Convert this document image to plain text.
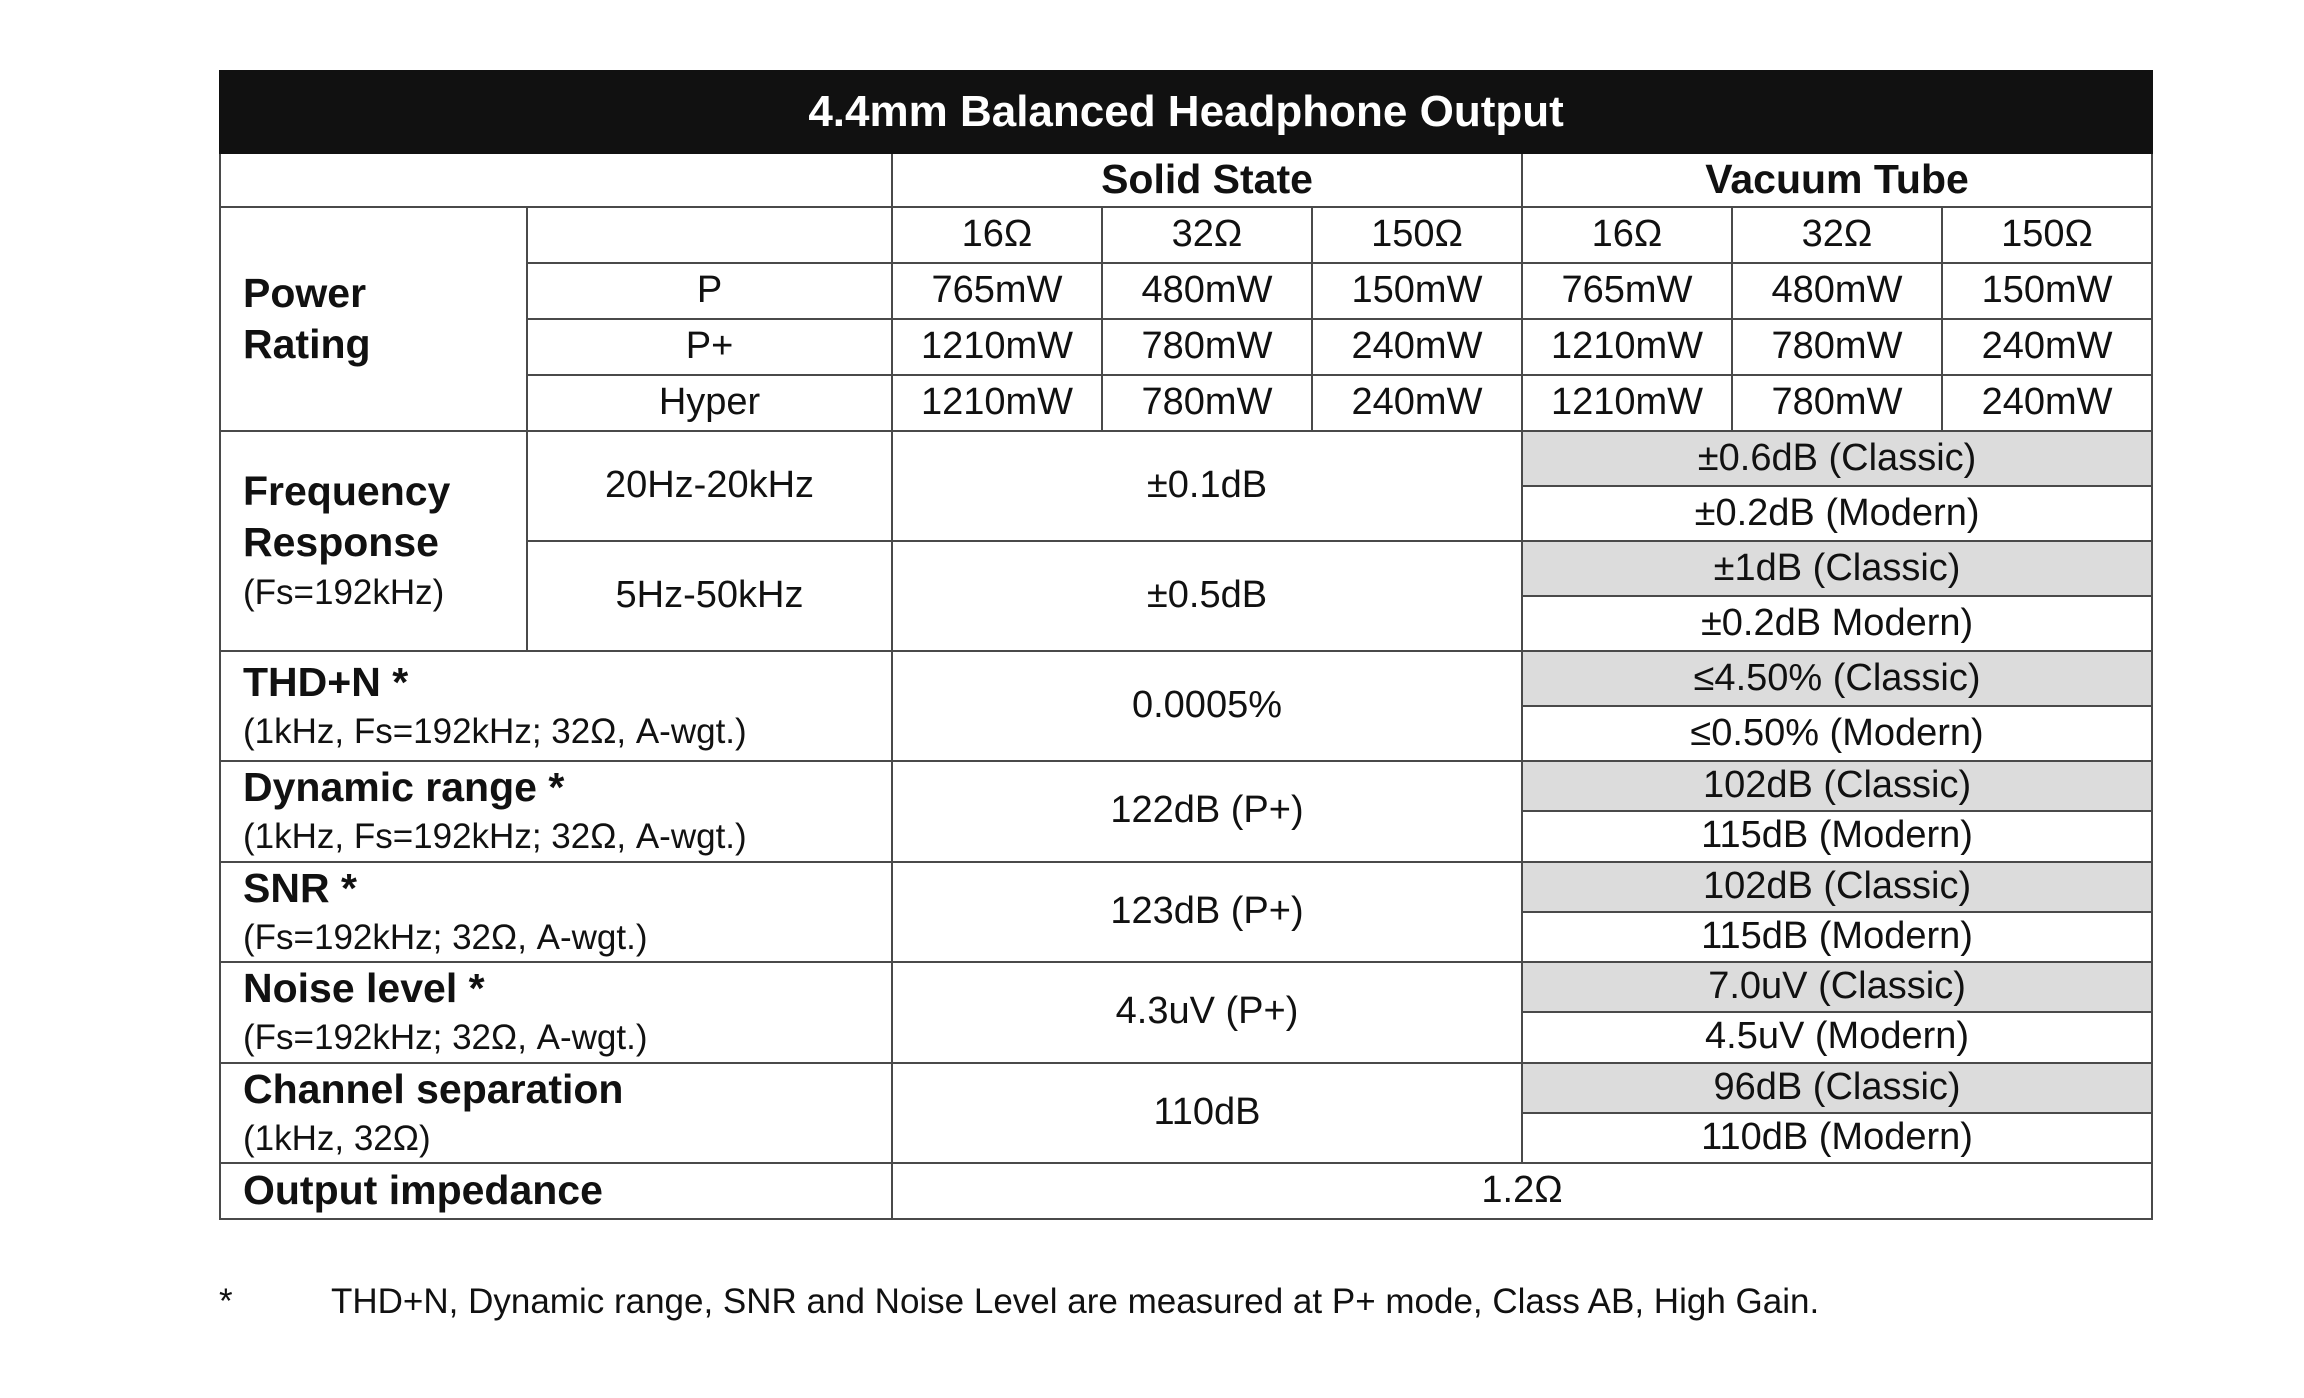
4.4mm Balanced Headphone Output							
		Solid State			Vacuum Tube		

Power
Rating		16Ω	32Ω	150Ω	16Ω	32Ω	150Ω
	P	765mW	480mW	150mW	765mW	480mW	150mW
	P+	1210mW	780mW	240mW	1210mW	780mW	240mW
	Hyper	1210mW	780mW	240mW	1210mW	780mW	240mW

Frequency
Response
(Fs=192kHz)	20Hz-20kHz	±0.1dB			±0.6dB (Classic)		
					±0.2dB (Modern)		
	5Hz-50kHz	±0.5dB			±1dB (Classic)		
					±0.2dB Modern)		

THD+N *
(1kHz, Fs=192kHz; 32Ω, A-wgt.)		0.0005%			≤4.50% (Classic)		
					≤0.50% (Modern)		

Dynamic range *
(1kHz, Fs=192kHz; 32Ω, A-wgt.)		122dB (P+)			102dB (Classic)		
					115dB (Modern)		

SNR *
(Fs=192kHz; 32Ω, A-wgt.)		123dB (P+)			102dB (Classic)		
					115dB (Modern)		

Noise level *
(Fs=192kHz; 32Ω, A-wgt.)		4.3uV (P+)			7.0uV (Classic)		
					4.5uV (Modern)		

Channel separation
(1kHz, 32Ω)		110dB			96dB (Classic)		
					110dB (Modern)		

Output impedance		1.2Ω					
*	THD+N, Dynamic range, SNR and Noise Level are measured at P+ mode, Class AB, High Gain.
